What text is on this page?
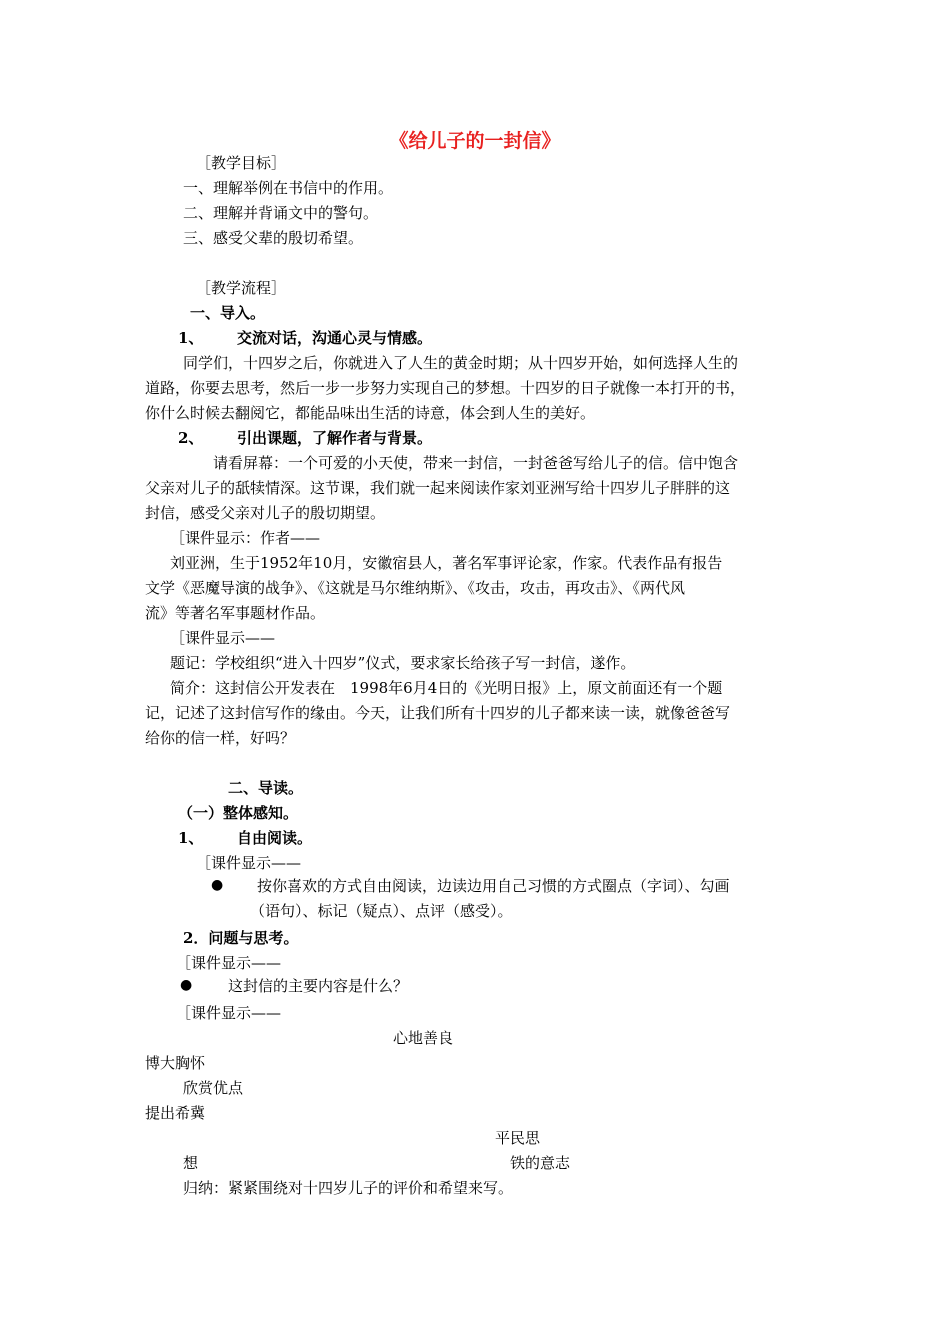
《给儿子的一封信》
［教学目标］
一、理解举例在书信中的作用。
二、理解并背诵文中的警句。
三、感受父辈的殷切希望。
［教学流程］
一、导入。
1、 交流对话，沟通心灵与情感。
同学们，十四岁之后，你就进入了人生的黄金时期；从十四岁开始，如何选择人生的
道路，你要去思考，然后一步一步努力实现自己的梦想。十四岁的日子就像一本打开的书，
你什么时候去翻阅它，都能品味出生活的诗意，体会到人生的美好。
2、 引出课题，了解作者与背景。
请看屏幕：一个可爱的小天使，带来一封信，一封爸爸写给儿子的信。信中饱含
父亲对儿子的舐犊情深。这节课，我们就一起来阅读作家刘亚洲写给十四岁儿子胖胖的这
封信，感受父亲对儿子的殷切期望。
［课件显示：作者——
刘亚洲，生于1952年10月，安徽宿县人，著名军事评论家，作家。代表作品有报告
文学《恶魔导演的战争》、《这就是马尔维纳斯》、《攻击，攻击，再攻击》、《两代风
流》等著名军事题材作品。
［课件显示——
题记：学校组织“进入十四岁”仪式，要求家长给孩子写一封信，遂作。
简介：这封信公开发表在　1998年6月4日的《光明日报》上，原文前面还有一个题
记，记述了这封信写作的缘由。今天，让我们所有十四岁的儿子都来读一读，就像爸爸写
给你的信一样，好吗？
二、导读。
（一）整体感知。
1、 自由阅读。
［课件显示——
● 按你喜欢的方式自由阅读，边读边用自己习惯的方式圈点（字词）、勾画
（语句）、标记（疑点）、点评（感受）。
2．问题与思考。
［课件显示——
● 这封信的主要内容是什么？
［课件显示——
心地善良
博大胸怀
欣赏优点
提出希冀
平民思
想	铁的意志
归纳：紧紧围绕对十四岁儿子的评价和希望来写。
